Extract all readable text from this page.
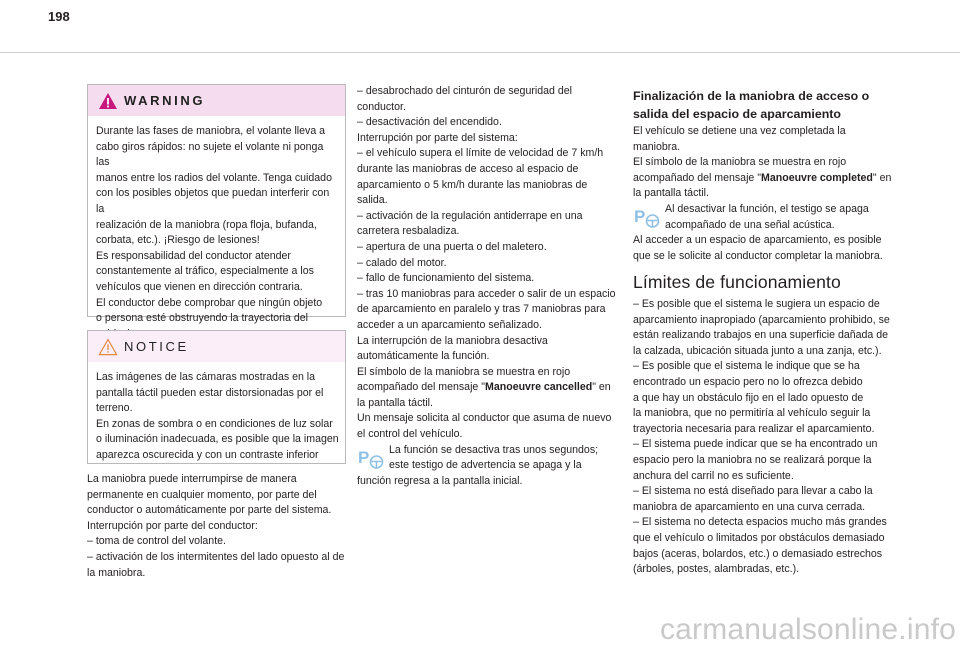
198
WARNING

Durante las fases de maniobra, el volante lleva a

cabo giros rápidos: no sujete el volante ni ponga las

manos entre los radios del volante. Tenga cuidado

con los posibles objetos que puedan interferir con la

realización de la maniobra (ropa floja, bufanda,

corbata, etc.). ¡Riesgo de lesiones!

Es responsabilidad del conductor atender

constantemente al tráfico, especialmente a los

vehículos que vienen en dirección contraria.

El conductor debe comprobar que ningún objeto

o persona esté obstruyendo la trayectoria del

NOTICE

Las imágenes de las cámaras mostradas en la

pantalla táctil pueden estar distorsionadas por el

terreno.

En zonas de sombra o en condiciones de luz solar

o iluminación inadecuada, es posible que la imagen

aparezca oscurecida y con un contraste inferior

La maniobra puede interrumpirse de manera

permanente en cualquier momento, por parte del

conductor o automáticamente por parte del sistema.

Interrupción por parte del conductor:

– toma de control del volante.

– activación de los intermitentes del lado opuesto al de

la maniobra.

– desabrochado del cinturón de seguridad del

conductor.

– desactivación del encendido.

Interrupción por parte del sistema:

– el vehículo supera el límite de velocidad de 7 km/h

durante las maniobras de acceso al espacio de

aparcamiento o 5 km/h durante las maniobras de

salida.

– activación de la regulación antiderrape en una

carretera resbaladiza.

– apertura de una puerta o del maletero.

– calado del motor.

– fallo de funcionamiento del sistema.

– tras 10 maniobras para acceder o salir de un espacio

de aparcamiento en paralelo y tras 7 maniobras para

acceder a un aparcamiento señalizado.

La interrupción de la maniobra desactiva

automáticamente la función.

El símbolo de la maniobra se muestra en rojo

acompañado del mensaje "Manoeuvre cancelled" en

la pantalla táctil.

Un mensaje solicita al conductor que asuma de nuevo

el control del vehículo.

P La función se desactiva tras unos segundos;

este testigo de advertencia se apaga y la

función regresa a la pantalla inicial.

Finalización de la maniobra de acceso o

salida del espacio de aparcamiento

El vehículo se detiene una vez completada la

maniobra.

El símbolo de la maniobra se muestra en rojo

acompañado del mensaje "Manoeuvre completed" en

la pantalla táctil.

P Al desactivar la función, el testigo se apaga

acompañado de una señal acústica.

Al acceder a un espacio de aparcamiento, es posible

que se le solicite al conductor completar la maniobra.

Límites de funcionamiento

– Es posible que el sistema le sugiera un espacio de

aparcamiento inapropiado (aparcamiento prohibido, se

están realizando trabajos en una superficie dañada de

la calzada, ubicación situada junto a una zanja, etc.).

– Es posible que el sistema le indique que se ha

encontrado un espacio pero no lo ofrezca debido

a que hay un obstáculo fijo en el lado opuesto de

la maniobra, que no permitiría al vehículo seguir la

trayectoria necesaria para realizar el aparcamiento.

– El sistema puede indicar que se ha encontrado un

espacio pero la maniobra no se realizará porque la

anchura del carril no es suficiente.

– El sistema no está diseñado para llevar a cabo la

maniobra de aparcamiento en una curva cerrada.

– El sistema no detecta espacios mucho más grandes

que el vehículo o limitados por obstáculos demasiado

bajos (aceras, bolardos, etc.) o demasiado estrechos

(árboles, postes, alambradas, etc.).

carmanualsonline.info
